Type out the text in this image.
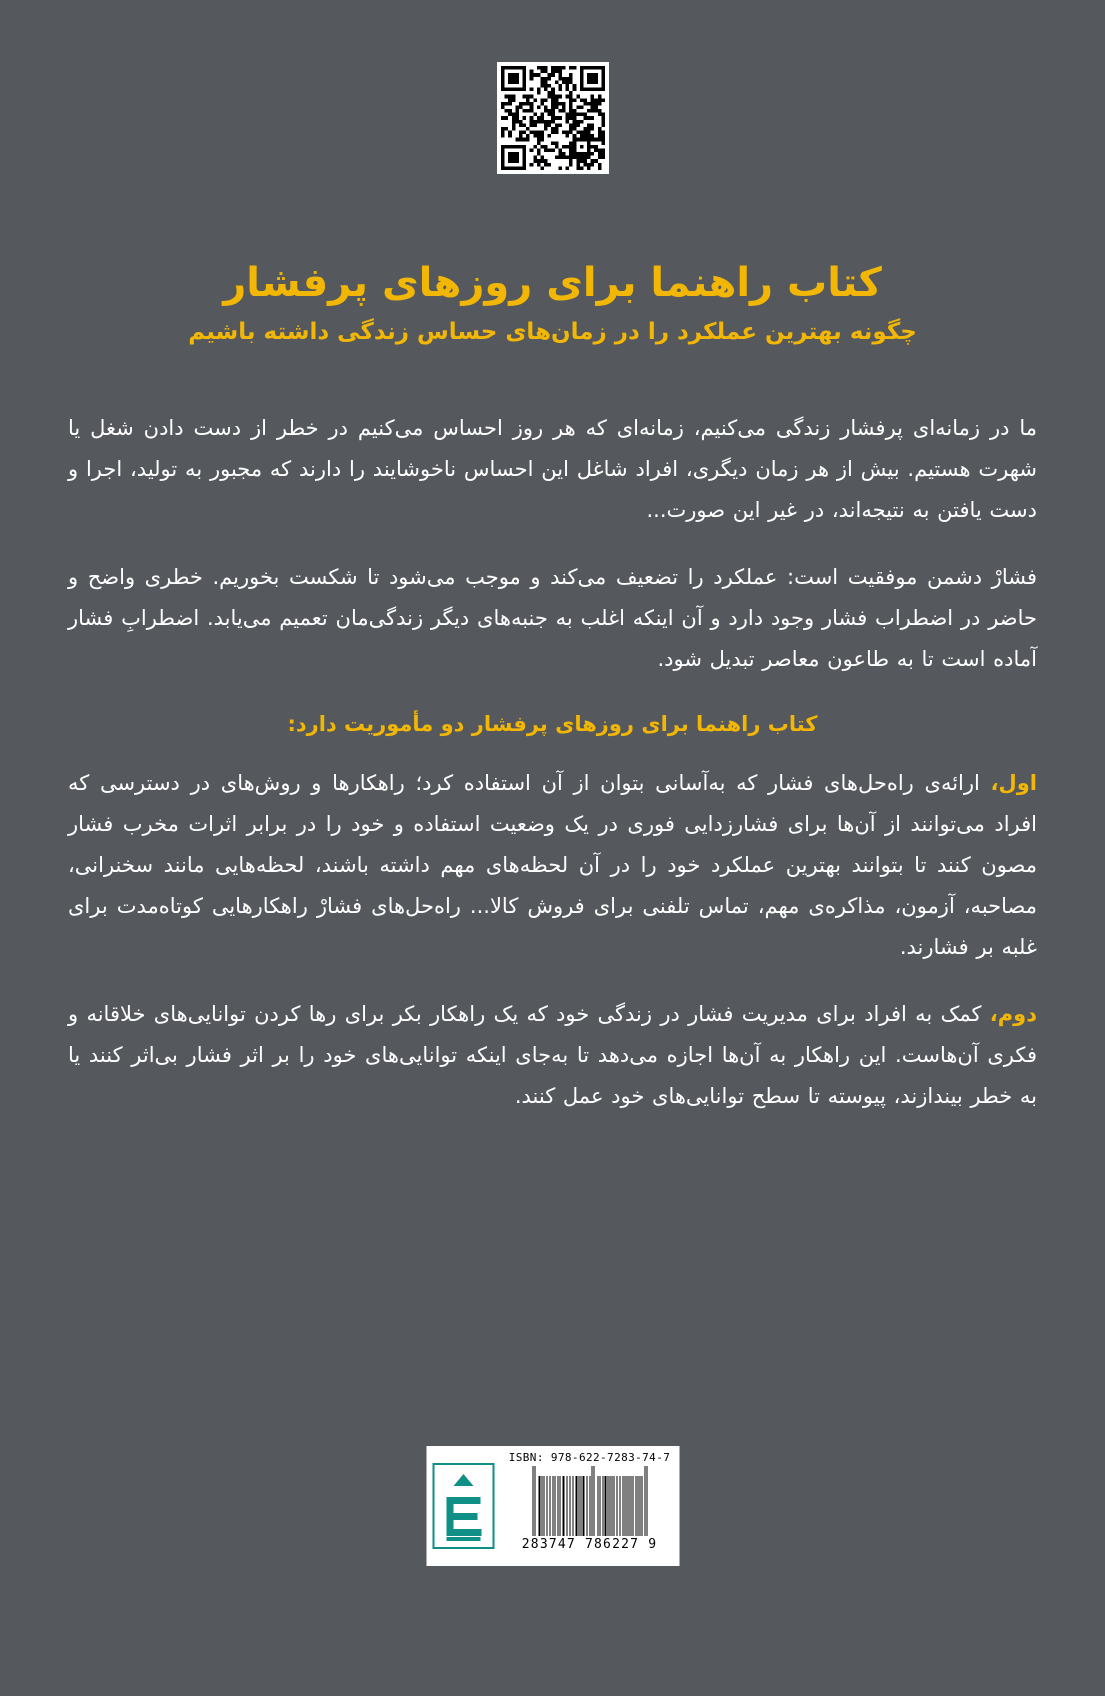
کتاب راهنما برای روزهای پرفشار
چگونه بهترین عملکرد را در زمان‌های حساس زندگی داشته باشیم

ما در زمانه‌ای پرفشار زندگی می‌کنیم، زمانه‌ای که هر روز احساس می‌کنیم در خطر از دست دادن شغل یا شهرت هستیم. بیش از هر زمان دیگری، افراد شاغل این احساس ناخوشایند را دارند که مجبور به تولید، اجرا و دست یافتن به نتیجه‌اند، در غیر این صورت...

فشارْ دشمن موفقیت است: عملکرد را تضعیف می‌کند و موجب می‌شود تا شکست بخوریم. خطری واضح و حاضر در اضطراب فشار وجود دارد و آن اینکه اغلب به جنبه‌های دیگر زندگی‌مان تعمیم می‌یابد. اضطرابِ فشار آماده است تا به طاعون معاصر تبدیل شود.

کتاب راهنما برای روزهای پرفشار دو مأموریت دارد:

اول، ارائه‌ی راه‌حل‌های فشار که به‌آسانی بتوان از آن استفاده کرد؛ راهکارها و روش‌های در دسترسی که افراد می‌توانند از آن‌ها برای فشارزدایی فوری در یک وضعیت استفاده و خود را در برابر اثرات مخرب فشار مصون کنند تا بتوانند بهترین عملکرد خود را در آن لحظه‌های مهم داشته باشند، لحظه‌هایی مانند سخنرانی، مصاحبه، آزمون، مذاکره‌ی مهم، تماس تلفنی برای فروش کالا... راه‌حل‌های فشارْ راهکارهایی کوتاه‌مدت برای غلبه بر فشارند.

دوم، کمک به افراد برای مدیریت فشار در زندگی خود که یک راهکار بکر برای رها کردن توانایی‌های خلاقانه و فکری آن‌هاست. این راهکار به آن‌ها اجازه می‌دهد تا به‌جای اینکه توانایی‌های خود را بر اثر فشار بی‌اثر کنند یا به خطر بیندازند، پیوسته تا سطح توانایی‌های خود عمل کنند.

ISBN: 978-622-7283-74-7
9 786227 283747
